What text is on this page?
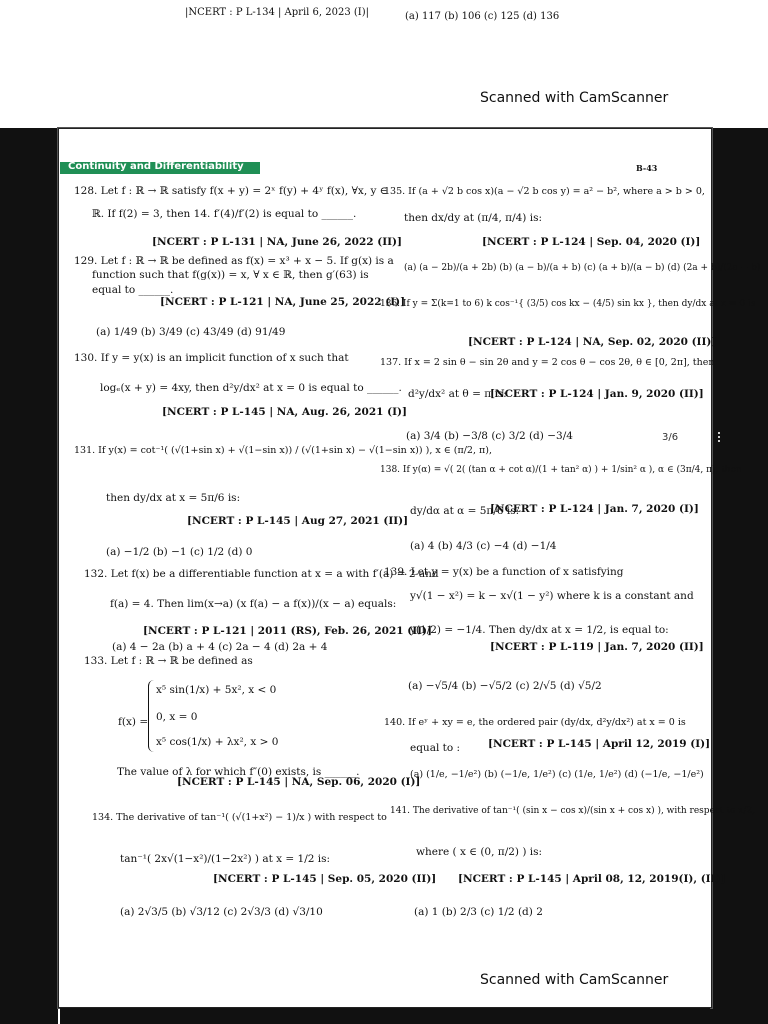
|NCERT : P L-134 | April 6, 2023 (I)|	(a) 117 (b) 106 (c) 125 (d) 136
Scanned with CamScanner
Continuity and Differentiability	B-43
128. Let f : ℝ → ℝ satisfy f(x + y) = 2ˣ f(y) + 4ʸ f(x), ∀x, y ∈
ℝ. If f(2) = 3, then 14. f′(4)/f′(2) is equal to ______.
[NCERT : P L-131 | NA, June 26, 2022 (II)]
129. Let f : ℝ → ℝ be defined as f(x) = x³ + x − 5. If g(x) is a
function such that f(g(x)) = x, ∀ x ∈ ℝ, then g′(63) is
equal to ______.
[NCERT : P L-121 | NA, June 25, 2022 (I)]
(a) 1/49 (b) 3/49 (c) 43/49 (d) 91/49
130. If y = y(x) is an implicit function of x such that
logₑ(x + y) = 4xy, then d²y/dx² at x = 0 is equal to ______.
[NCERT : P L-145 | NA, Aug. 26, 2021 (I)]
131. If y(x) = cot⁻¹( (√(1+sin x) + √(1−sin x)) / (√(1+sin x) − √(1−sin x)) ), x ∈ (π/2, π),
then dy/dx at x = 5π/6 is:
[NCERT : P L-145 | Aug 27, 2021 (II)]
(a) −1/2 (b) −1 (c) 1/2 (d) 0
132. Let f(x) be a differentiable function at x = a with f′(a) = 2 and
f(a) = 4. Then lim(x→a) (x f(a) − a f(x))/(x − a) equals:
[NCERT : P L-121 | 2011 (RS), Feb. 26, 2021 (II)]
(a) 4 − 2a (b) a + 4 (c) 2a − 4 (d) 2a + 4
133. Let f : ℝ → ℝ be defined as
f(x) =
x⁵ sin(1/x) + 5x², x < 0
0, x = 0
x⁵ cos(1/x) + λx², x > 0
The value of λ for which f″(0) exists, is ______.
[NCERT : P L-145 | NA, Sep. 06, 2020 (I)]
134. The derivative of tan⁻¹( (√(1+x²) − 1)/x ) with respect to
tan⁻¹( 2x√(1−x²)/(1−2x²) ) at x = 1/2 is:
[NCERT : P L-145 | Sep. 05, 2020 (II)]
(a) 2√3/5 (b) √3/12 (c) 2√3/3 (d) √3/10
135. If (a + √2 b cos x)(a − √2 b cos y) = a² − b², where a > b > 0,
then dx/dy at (π/4, π/4) is:
[NCERT : P L-124 | Sep. 04, 2020 (I)]
(a) (a − 2b)/(a + 2b) (b) (a − b)/(a + b) (c) (a + b)/(a − b) (d) (2a + b)/(2a − b)
136. If y = Σ(k=1 to 6) k cos⁻¹{ (3/5) cos kx − (4/5) sin kx }, then dy/dx at x = 0 is
[NCERT : P L-124 | NA, Sep. 02, 2020 (II)]
137. If x = 2 sin θ − sin 2θ and y = 2 cos θ − cos 2θ, θ ∈ [0, 2π], then
d²y/dx² at θ = π is:
[NCERT : P L-124 | Jan. 9, 2020 (II)]
(a) 3/4 (b) −3/8 (c) 3/2 (d) −3/4	3/6
138. If y(α) = √( 2( (tan α + cot α)/(1 + tan² α) ) + 1/sin² α ), α ∈ (3π/4, π), then
dy/dα at α = 5π/6 is:
[NCERT : P L-124 | Jan. 7, 2020 (I)]
(a) 4 (b) 4/3 (c) −4 (d) −1/4
139. Let y = y(x) be a function of x satisfying
y√(1 − x²) = k − x√(1 − y²) where k is a constant and
y(1/2) = −1/4. Then dy/dx at x = 1/2, is equal to:
[NCERT : P L-119 | Jan. 7, 2020 (II)]
(a) −√5/4 (b) −√5/2 (c) 2/√5 (d) √5/2
140. If eʸ + xy = e, the ordered pair (dy/dx, d²y/dx²) at x = 0 is
equal to :	[NCERT : P L-145 | April 12, 2019 (I)]
(a) (1/e, −1/e²) (b) (−1/e, 1/e²) (c) (1/e, 1/e²) (d) (−1/e, −1/e²)
141. The derivative of tan⁻¹( (sin x − cos x)/(sin x + cos x) ), with respect to x/2,
where ( x ∈ (0, π/2) ) is:
[NCERT : P L-145 | April 08, 12, 2019(I), (II)]
(a) 1 (b) 2/3 (c) 1/2 (d) 2
Scanned with CamScanner
